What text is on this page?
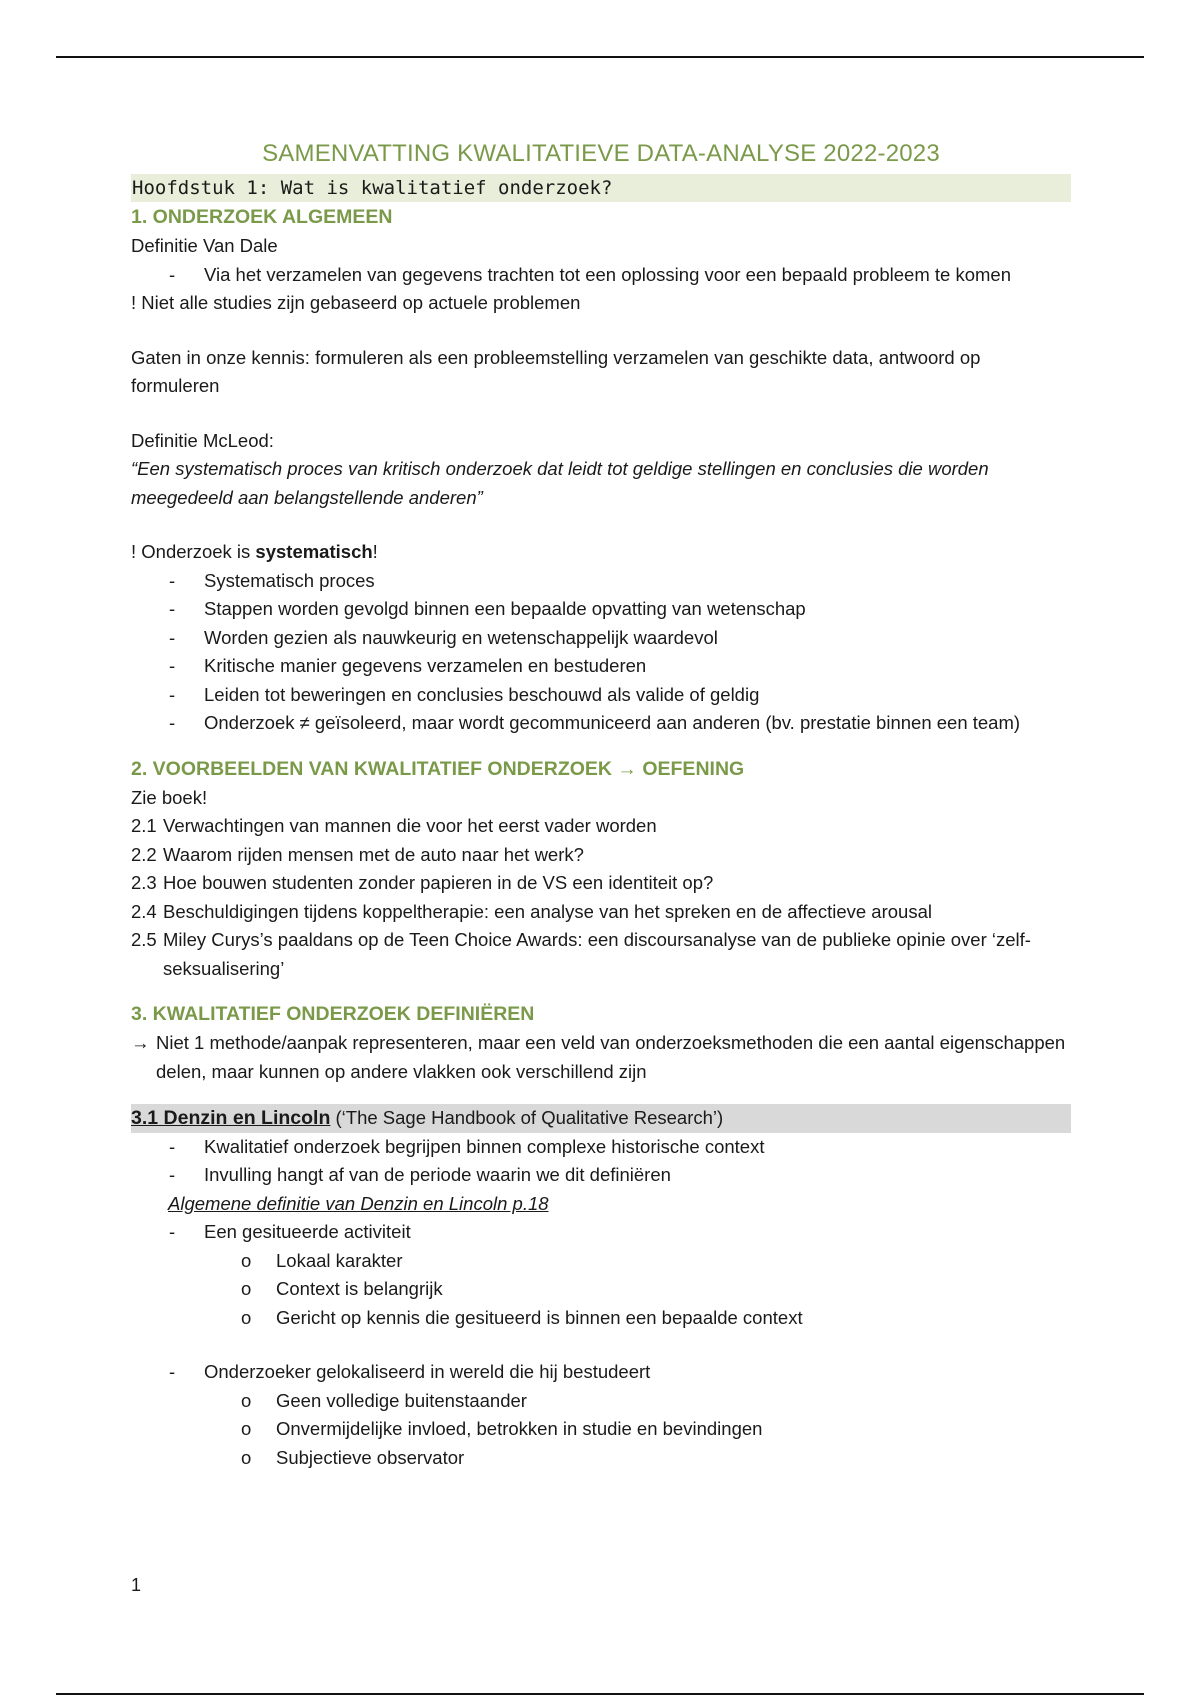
SAMENVATTING KWALITATIEVE DATA-ANALYSE 2022-2023
Hoofdstuk 1: Wat is kwalitatief onderzoek?
1. ONDERZOEK ALGEMEEN
Definitie Van Dale
- Via het verzamelen van gegevens trachten tot een oplossing voor een bepaald probleem te komen
! Niet alle studies zijn gebaseerd op actuele problemen
Gaten in onze kennis: formuleren als een probleemstelling verzamelen van geschikte data, antwoord op formuleren
Definitie McLeod:
“Een systematisch proces van kritisch onderzoek dat leidt tot geldige stellingen en conclusies die worden meegedeeld aan belangstellende anderen”
! Onderzoek is systematisch!
- Systematisch proces
- Stappen worden gevolgd binnen een bepaalde opvatting van wetenschap
- Worden gezien als nauwkeurig en wetenschappelijk waardevol
- Kritische manier gegevens verzamelen en bestuderen
- Leiden tot beweringen en conclusies beschouwd als valide of geldig
- Onderzoek ≠ geïsoleerd, maar wordt gecommuniceerd aan anderen (bv. prestatie binnen een team)
2. VOORBEELDEN VAN KWALITATIEF ONDERZOEK → OEFENING
Zie boek!
2.1 Verwachtingen van mannen die voor het eerst vader worden
2.2 Waarom rijden mensen met de auto naar het werk?
2.3 Hoe bouwen studenten zonder papieren in de VS een identiteit op?
2.4 Beschuldigingen tijdens koppeltherapie: een analyse van het spreken en de affectieve arousal
2.5 Miley Curys’s paaldans op de Teen Choice Awards: een discoursanalyse van de publieke opinie over ‘zelf-seksualisering’
3. KWALITATIEF ONDERZOEK DEFINIËREN
→ Niet 1 methode/aanpak representeren, maar een veld van onderzoeksmethoden die een aantal eigenschappen delen, maar kunnen op andere vlakken ook verschillend zijn
3.1 Denzin en Lincoln (‘The Sage Handbook of Qualitative Research’)
- Kwalitatief onderzoek begrijpen binnen complexe historische context
- Invulling hangt af van de periode waarin we dit definiëren
Algemene definitie van Denzin en Lincoln p.18
- Een gesitueerde activiteit
o Lokaal karakter
o Context is belangrijk
o Gericht op kennis die gesitueerd is binnen een bepaalde context
- Onderzoeker gelokaliseerd in wereld die hij bestudeert
o Geen volledige buitenstaander
o Onvermijdelijke invloed, betrokken in studie en bevindingen
o Subjectieve observator
1
